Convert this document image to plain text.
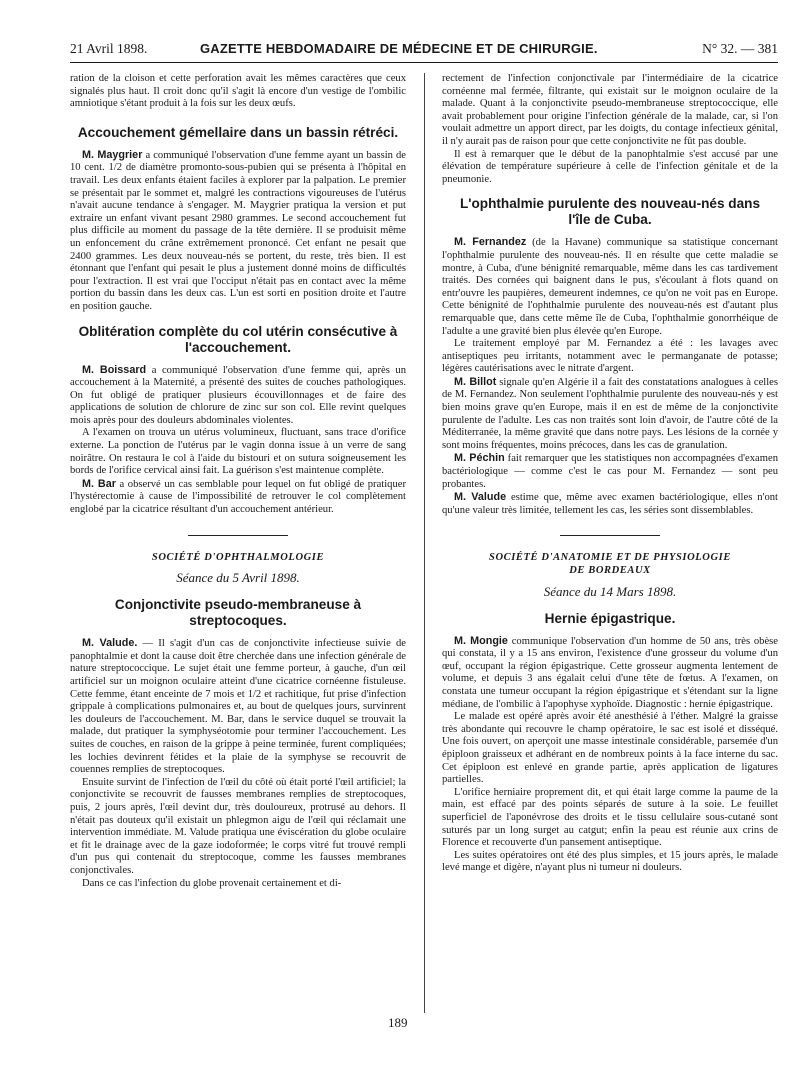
21 Avril 1898.	GAZETTE HEBDOMADAIRE DE MÉDECINE ET DE CHIRURGIE.	N° 32. — 381

ration de la cloison et cette perforation avait les mêmes caractères que ceux signalés plus haut. Il croit donc qu'il s'agit là encore d'un vestige de l'ombilic amniotique s'étant produit à la fois sur les deux œufs.

Accouchement gémellaire dans un bassin rétréci.

M. Maygrier a communiqué l'observation d'une femme ayant un bassin de 10 cent. 1/2 de diamètre promonto-sous-pubien qui se présenta à l'hôpital en travail. Les deux enfants étaient faciles à explorer par la palpation. Le premier se présentait par le sommet et, malgré les contractions vigoureuses de l'utérus n'avait aucune tendance à s'engager. M. Maygrier pratiqua la version et put extraire un enfant vivant pesant 2980 grammes. Le second accouchement fut plus difficile au moment du passage de la tête dernière. Il se produisit même un enfoncement du crâne extrêmement prononcé. Cet enfant ne pesait que 2400 grammes. Les deux nouveau-nés se portent, du reste, très bien. Il est étonnant que l'enfant qui pesait le plus a justement donné moins de difficultés pour l'extraction. Il est vrai que l'occiput n'était pas en contact avec la même portion du bassin dans les deux cas. L'un est sorti en position droite et l'autre en position gauche.

Oblitération complète du col utérin consécutive à l'accouchement.

M. Boissard a communiqué l'observation d'une femme qui, après un accouchement à la Maternité, a présenté des suites de couches pathologiques. On fut obligé de pratiquer plusieurs écouvillonnages et de faire des applications de solution de chlorure de zinc sur son col. Elle revint quelques mois après pour des douleurs abdominales violentes.

A l'examen on trouva un utérus volumineux, fluctuant, sans trace d'orifice externe. La ponction de l'utérus par le vagin donna issue à un verre de sang noirâtre. On restaura le col à l'aide du bistouri et on sutura soigneusement les bords de l'orifice cervical ainsi fait. La guérison s'est maintenue complète.

M. Bar a observé un cas semblable pour lequel on fut obligé de pratiquer l'hystérectomie à cause de l'impossibilité de retrouver le col complètement englobé par la cicatrice résultant d'un accouchement antérieur.

SOCIÉTÉ D'OPHTHALMOLOGIE
Séance du 5 Avril 1898.
Conjonctivite pseudo-membraneuse à streptocoques.

M. Valude. — Il s'agit d'un cas de conjonctivite infectieuse suivie de panophtalmie et dont la cause doit être cherchée dans une infection générale de nature streptococcique. Le sujet était une femme porteur, à gauche, d'un œil artificiel sur un moignon oculaire atteint d'une cicatrice cornéenne fistuleuse. Cette femme, étant enceinte de 7 mois et 1/2 et rachitique, fut prise d'infection grippale à complications pulmonaires et, au bout de quelques jours, survinrent les douleurs de l'accouchement. M. Bar, dans le service duquel se trouvait la malade, dut pratiquer la symphyséotomie pour terminer l'accouchement. Les suites de couches, en raison de la grippe à peine terminée, furent compliquées; les lochies devinrent fétides et la plaie de la symphyse se recouvrit de couennes remplies de streptocoques.

Ensuite survint de l'infection de l'œil du côté où était porté l'œil artificiel; la conjonctivite se recouvrit de fausses membranes remplies de streptocoques, puis, 2 jours après, l'œil devint dur, très douloureux, protrusé au dehors. Il n'était pas douteux qu'il existait un phlegmon aigu de l'œil qui réclamait une intervention immédiate. M. Valude pratiqua une éviscération du globe oculaire et fit le drainage avec de la gaze iodoformée; le corps vitré fut trouvé rempli d'un pus qui contenait du streptocoque, comme les fausses membranes conjonctivales.

Dans ce cas l'infection du globe provenait certainement et di-

rectement de l'infection conjonctivale par l'intermédiaire de la cicatrice cornéenne mal fermée, filtrante, qui existait sur le moignon oculaire de la malade. Quant à la conjonctivite pseudo-membraneuse streptococcique, elle avait probablement pour origine l'infection générale de la malade, car, si l'on voulait admettre un apport direct, par les doigts, du contage infectieux génital, il n'y aurait pas de raison pour que cette conjonctivite ne fût pas double.

Il est à remarquer que le début de la panophtalmie s'est accusé par une élévation de température supérieure à celle de l'infection génitale et de la pneumonie.

L'ophthalmie purulente des nouveau-nés dans l'île de Cuba.

M. Fernandez (de la Havane) communique sa statistique concernant l'ophthalmie purulente des nouveau-nés. Il en résulte que cette maladie se montre, à Cuba, d'une bénignité remarquable, même dans les cas tardivement traités. Des cornées qui baignent dans le pus, s'écoulant à flots quand on entr'ouvre les paupières, demeurent indemnes, ce qu'on ne voit pas en Europe. Cette bénignité de l'ophthalmie purulente des nouveau-nés est d'autant plus remarquable que, dans cette même île de Cuba, l'ophthalmie gonorrhéique de l'adulte a une gravité bien plus élevée qu'en Europe.

Le traitement employé par M. Fernandez a été : les lavages avec antiseptiques peu irritants, notamment avec le permanganate de potasse; légères cautérisations avec le nitrate d'argent.

M. Billot signale qu'en Algérie il a fait des constatations analogues à celles de M. Fernandez. Non seulement l'ophthalmie purulente des nouveau-nés y est bien moins grave qu'en Europe, mais il en est de même de la conjonctivite purulente de l'adulte. Les cas non traités sont loin d'avoir, de l'autre côté de la Méditerranée, la même gravité que dans notre pays. Les lésions de la cornée y sont moins fréquentes, moins précoces, dans les cas de granulation.

M. Péchin fait remarquer que les statistiques non accompagnées d'examen bactériologique — comme c'est le cas pour M. Fernandez — sont peu probantes.

M. Valude estime que, même avec examen bactériologique, elles n'ont qu'une valeur très limitée, tellement les cas, les séries sont dissemblables.

SOCIÉTÉ D'ANATOMIE ET DE PHYSIOLOGIE
DE BORDEAUX
Séance du 14 Mars 1898.
Hernie épigastrique.

M. Mongie communique l'observation d'un homme de 50 ans, très obèse qui constata, il y a 15 ans environ, l'existence d'une grosseur du volume d'un œuf, occupant la région épigastrique. Cette grosseur augmenta lentement de volume, et depuis 3 ans égalait celui d'une tête de fœtus. A l'examen, on constata une tumeur occupant la région épigastrique et s'étendant sur la ligne médiane, de l'ombilic à l'apophyse xyphoïde. Diagnostic : hernie épigastrique.

Le malade est opéré après avoir été anesthésié à l'éther. Malgré la graisse très abondante qui recouvre le champ opératoire, le sac est isolé et disséqué. Une fois ouvert, on aperçoit une masse intestinale considérable, parsemée d'un épiploon graisseux et adhérant en de nombreux points à la face interne du sac. Cet épiploon est enlevé en grande partie, après application de ligatures partielles.

L'orifice herniaire proprement dit, et qui était large comme la paume de la main, est effacé par des points séparés de suture à la soie. Le feuillet superficiel de l'aponévrose des droits et le tissu cellulaire sous-cutané sont suturés par un long surget au catgut; enfin la peau est réunie aux crins de Florence et recouverte d'un pansement antiseptique.

Les suites opératoires ont été des plus simples, et 15 jours après, le malade levé mange et digère, n'ayant plus ni tumeur ni douleurs.

189
